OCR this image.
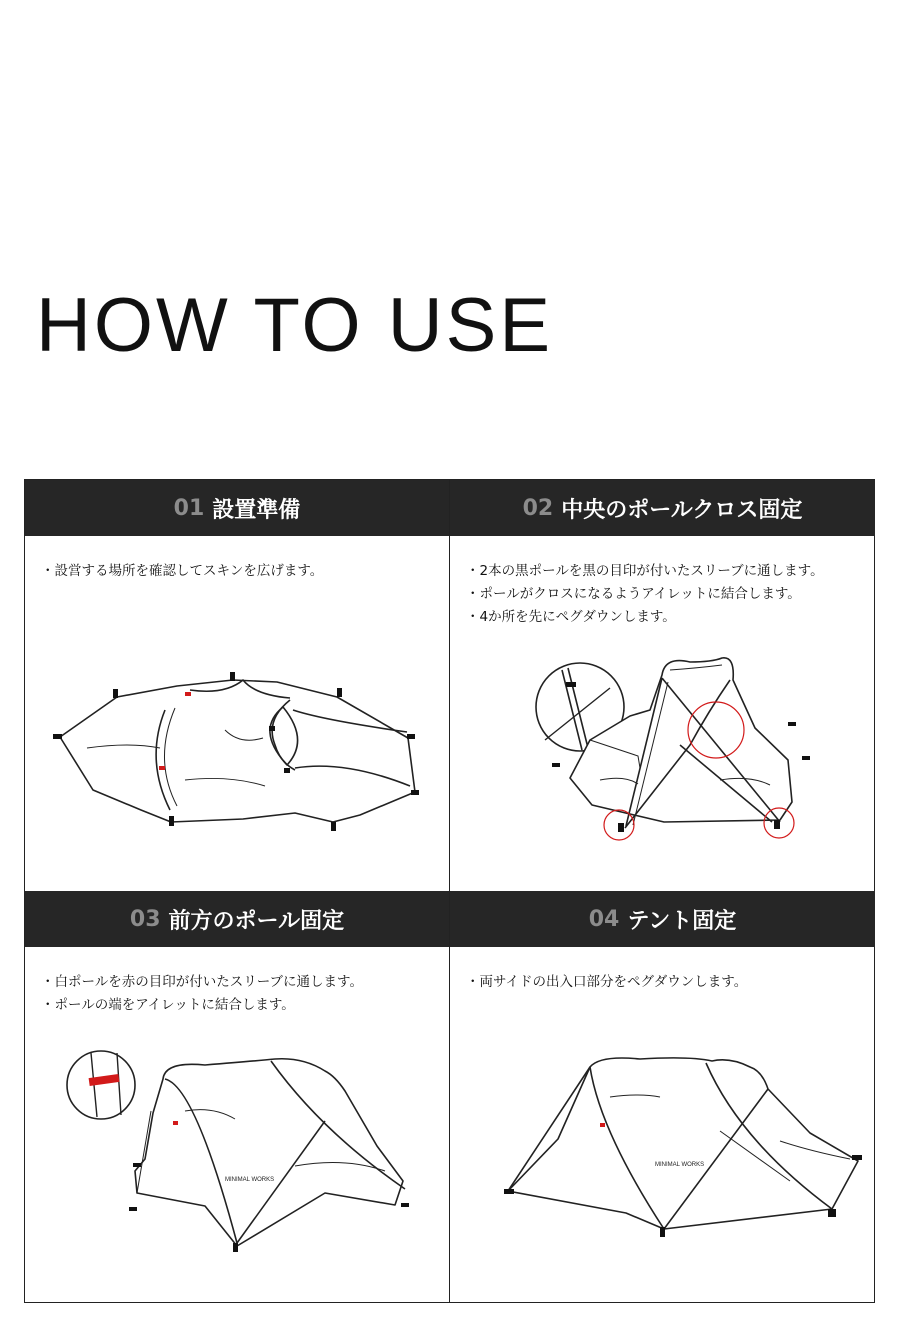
HOW TO USE
01 設置準備
・ 設営する場所を確認してスキンを広げます。
02 中央のポールクロス固定
・ 2本の黒ポールを黒の目印が付いたスリーブに通します。
・ ポールがクロスになるようアイレットに結合します。
・ 4か所を先にペグダウンします。
03 前方のポール固定
・ 白ポールを赤の目印が付いたスリーブに通します。
・ ポールの端をアイレットに結合します。
MINIMAL WORKS
04 テント固定
・ 両サイドの出入口部分をペグダウンします。
MINIMAL WORKS
